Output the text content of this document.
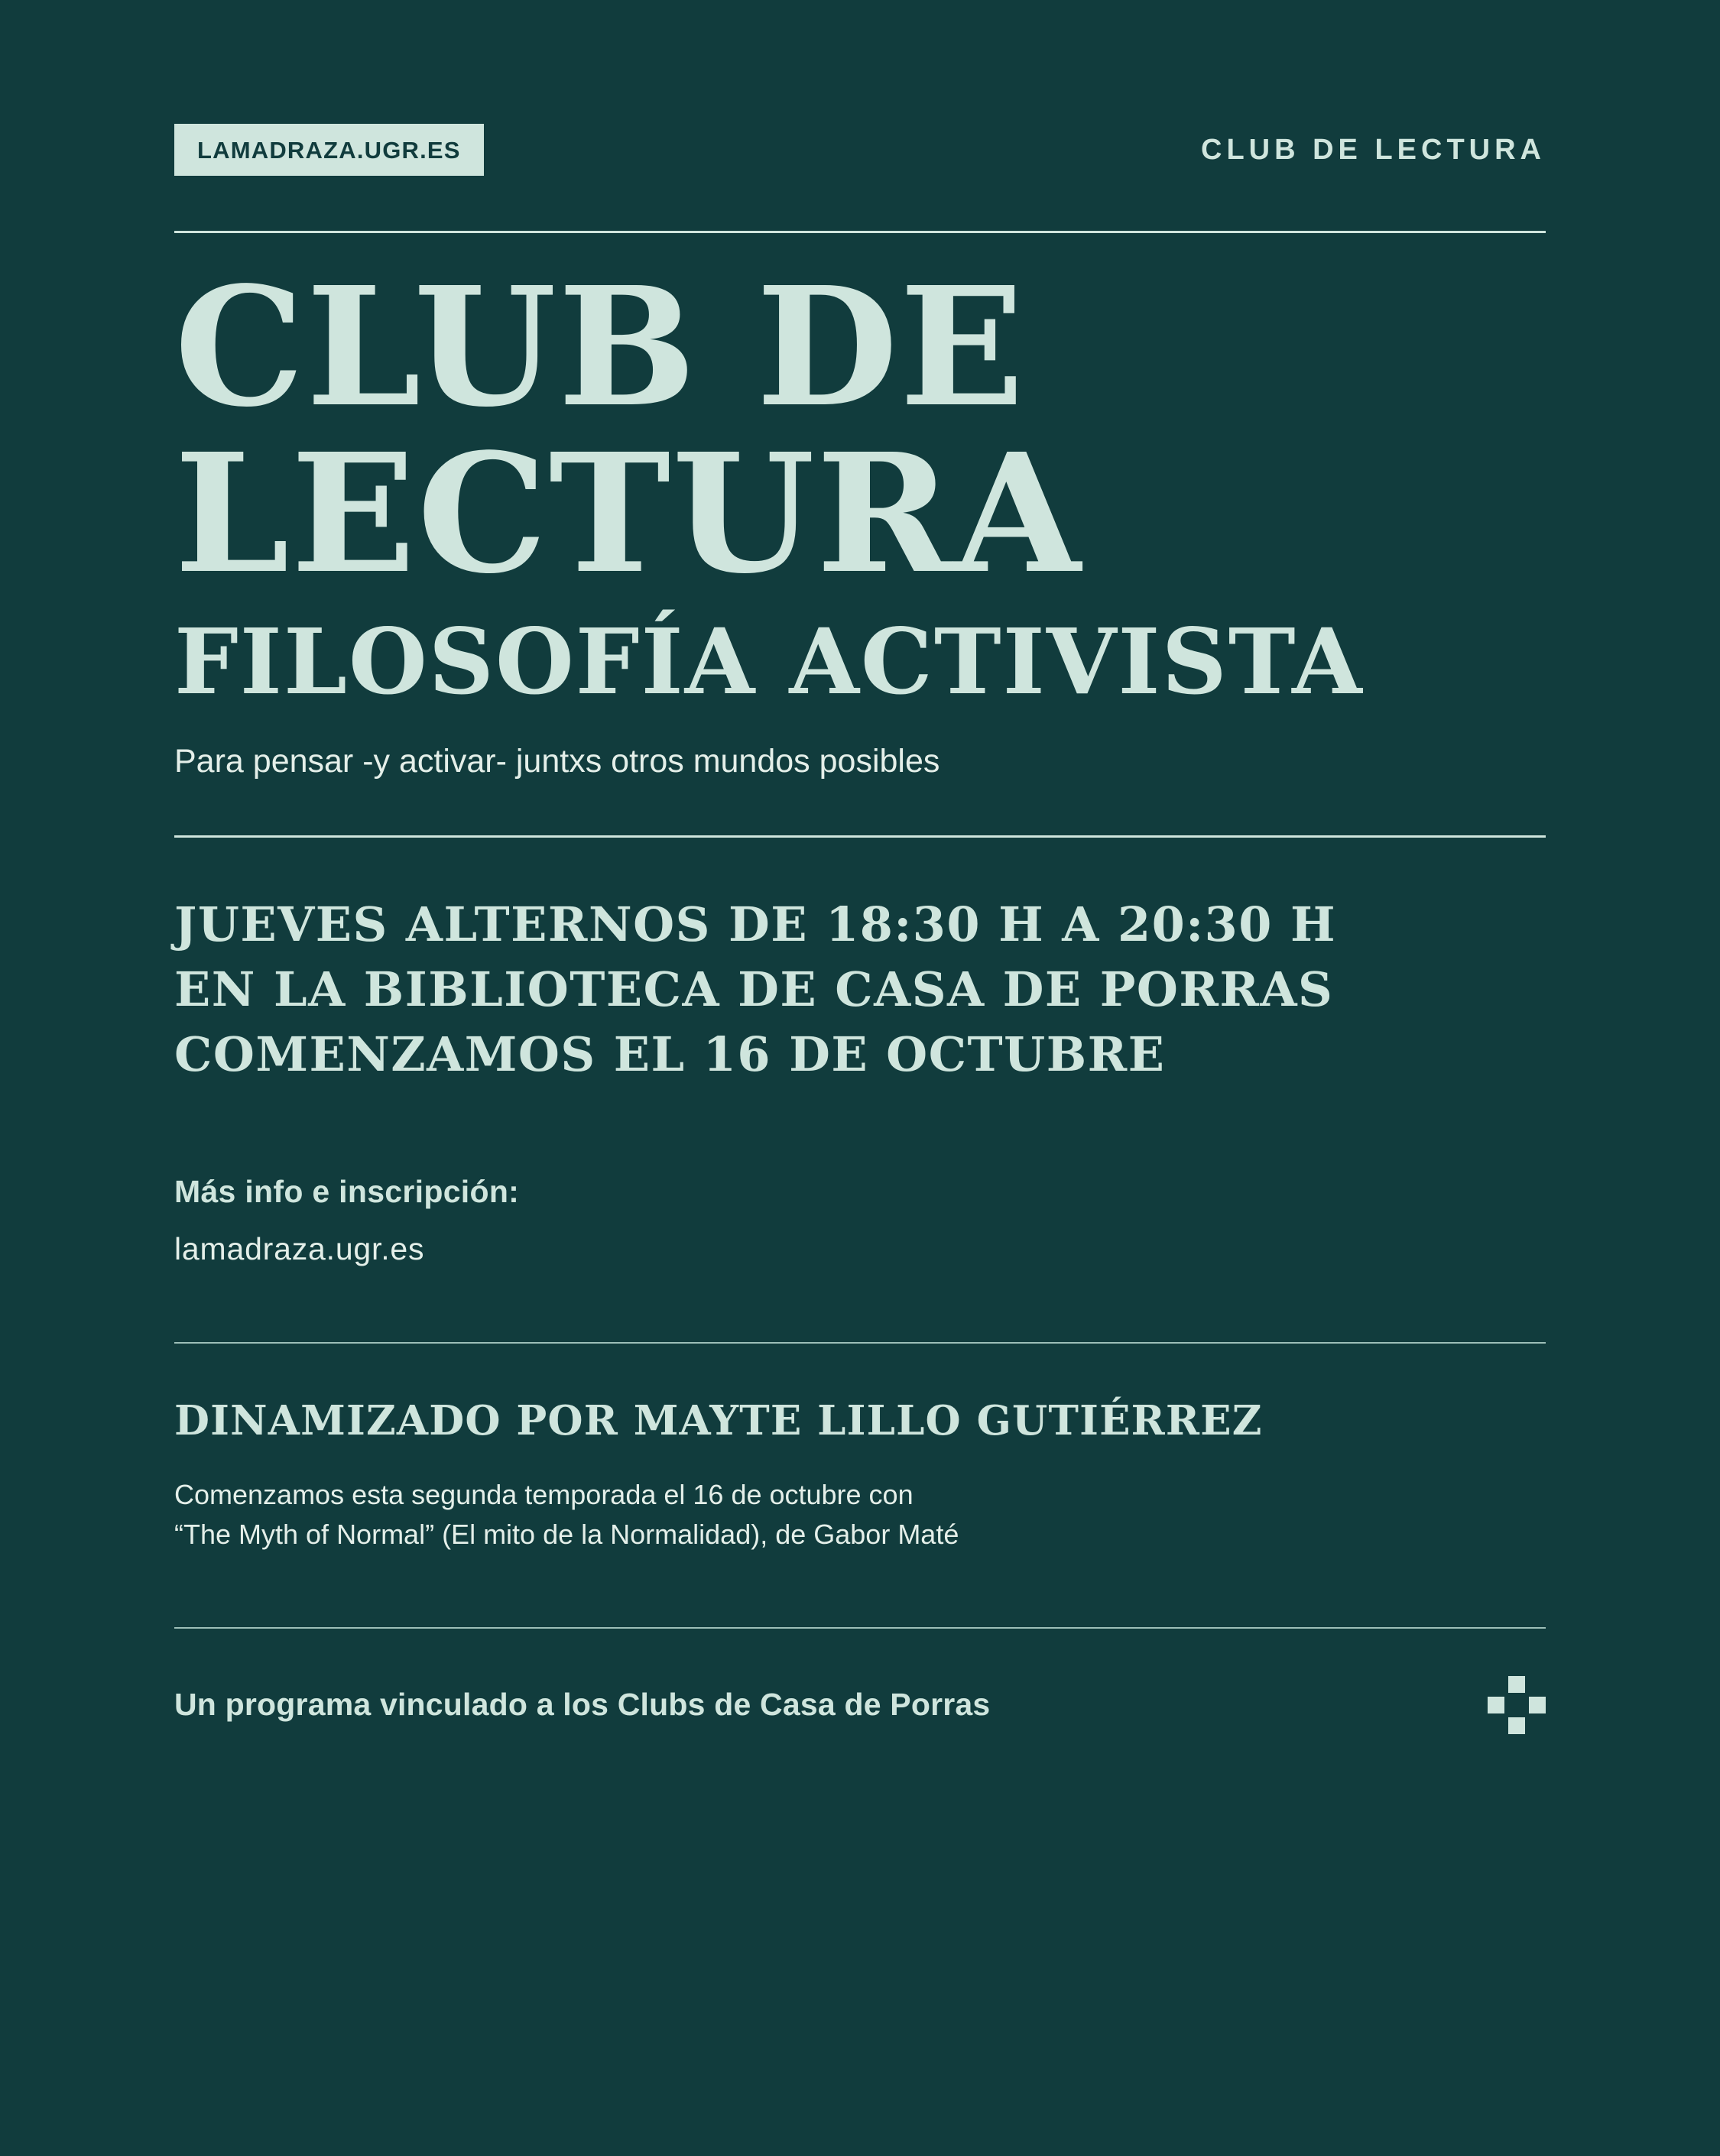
LAMADRAZA.UGR.ES	CLUB DE LECTURA
CLUB DE
LECTURA
FILOSOFÍA ACTIVISTA
Para pensar -y activar- juntxs otros mundos posibles
JUEVES ALTERNOS DE 18:30 H A 20:30 H
EN LA BIBLIOTECA DE CASA DE PORRAS
COMENZAMOS EL 16 DE OCTUBRE
Más info e inscripción:
lamadraza.ugr.es
DINAMIZADO POR MAYTE LILLO GUTIÉRREZ
Comenzamos esta segunda temporada el 16 de octubre con
“The Myth of Normal” (El mito de la Normalidad), de Gabor Maté
Un programa vinculado a los Clubs de Casa de Porras
